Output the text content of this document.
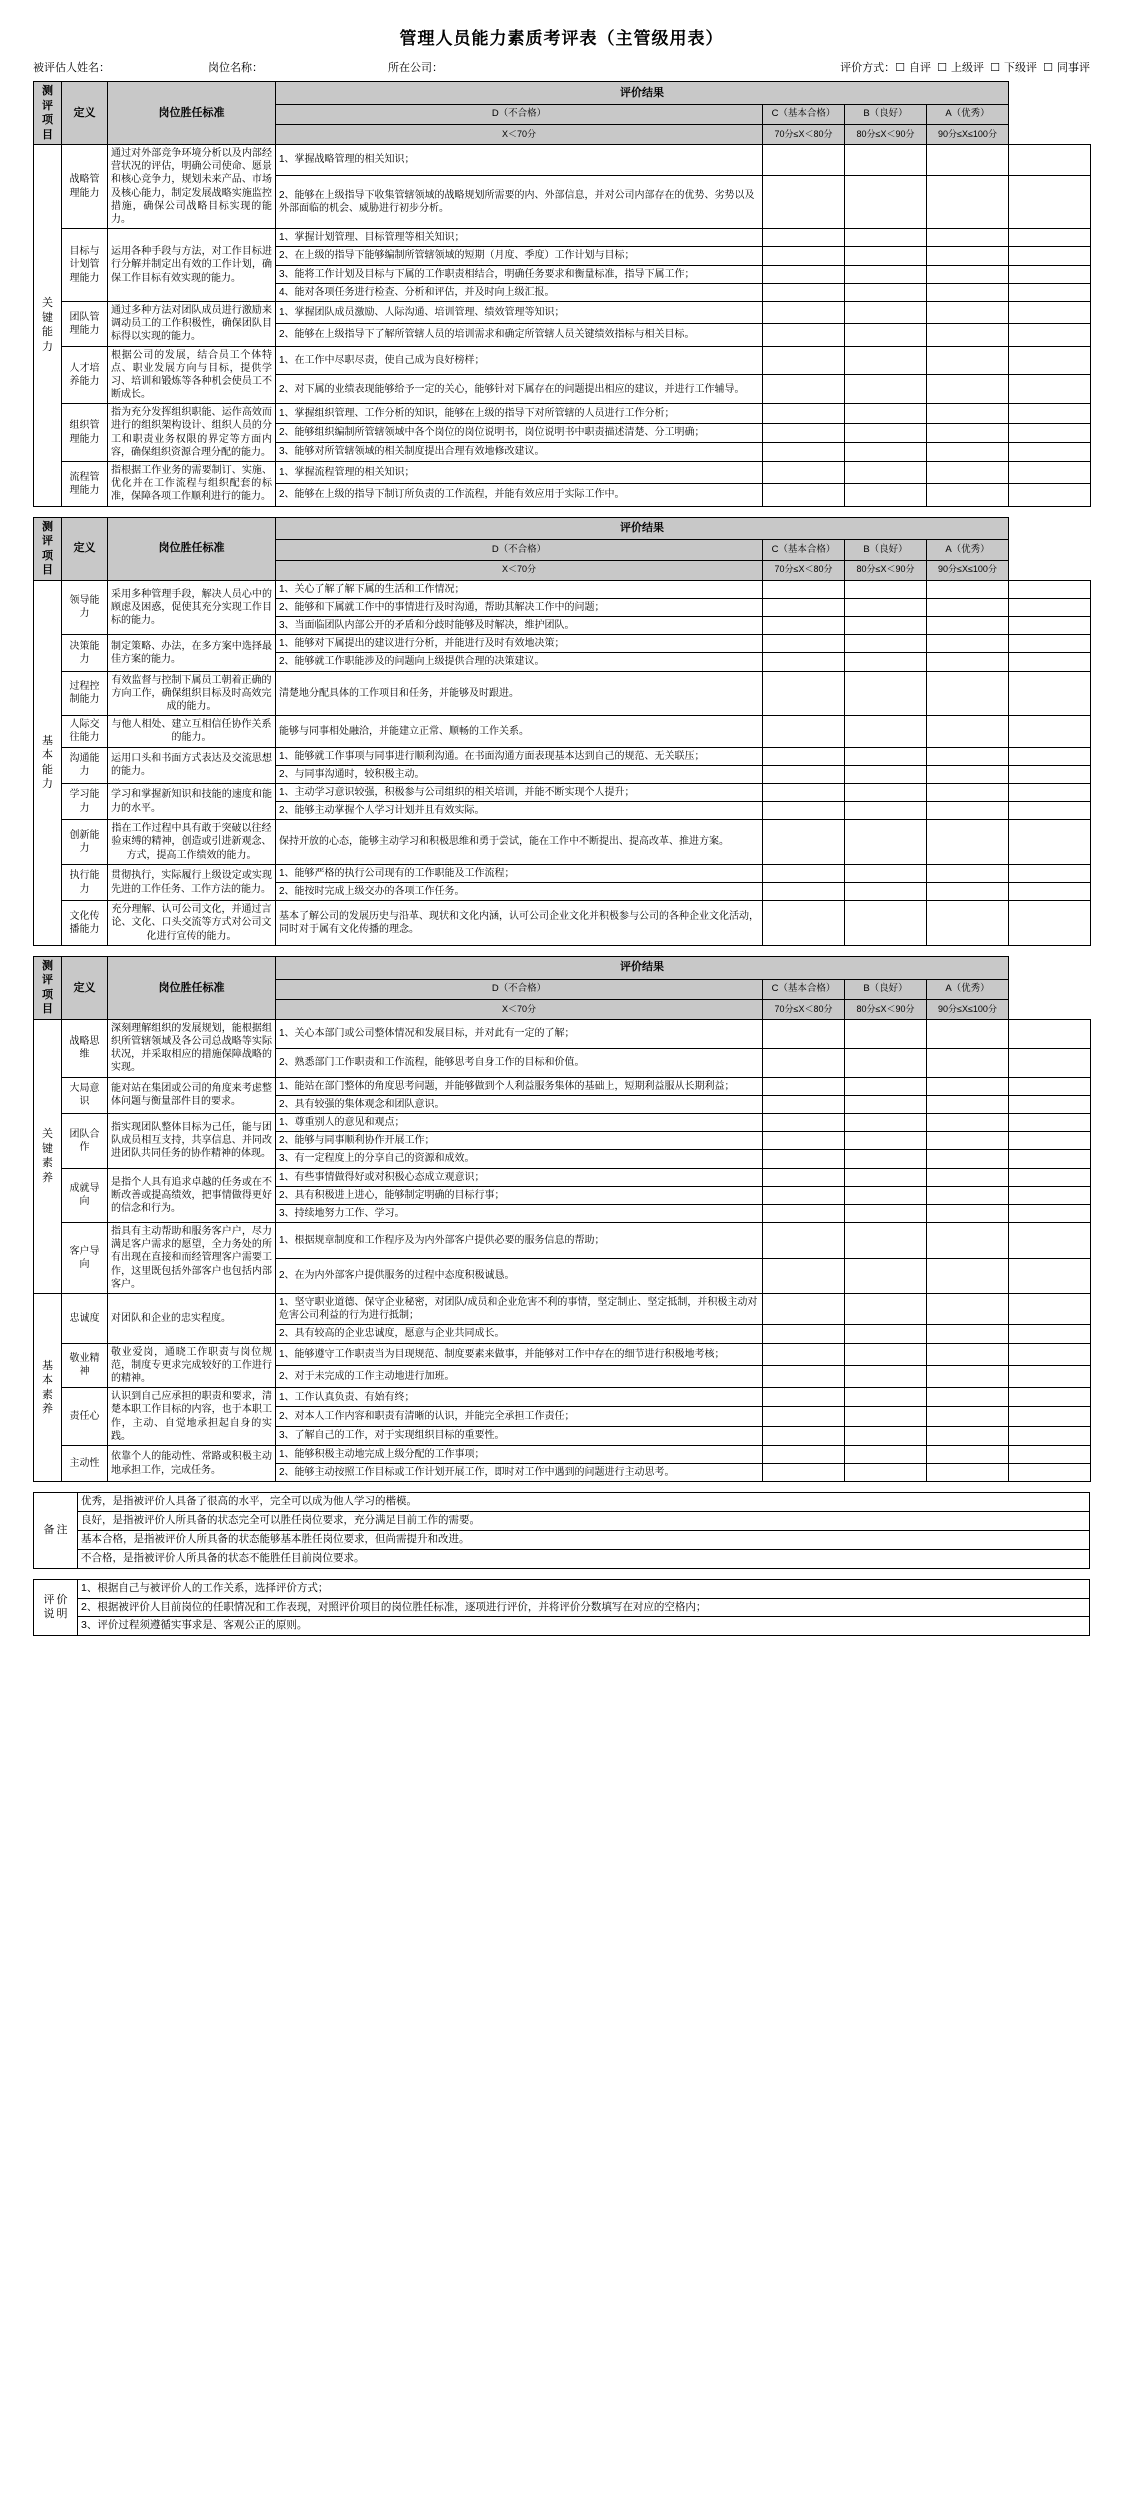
管理人员能力素质考评表（主管级用表）
被评估人姓名：	岗位名称：	所在公司：	评价方式：☐ 自评 ☐ 上级评 ☐ 下级评 ☐ 同事评
测评项目	定义	岗位胜任标准	评价结果				
			D（不合格）	C（基本合格）	B（良好）	A（优秀）	
			X＜70分	70分≤X＜80分	80分≤X＜90分	90分≤X≤100分	
关键能力	战略管理能力	通过对外部竞争环境分析以及内部经营状况的评估，明确公司使命、愿景和核心竞争力，规划未来产品、市场及核心能力，制定发展战略实施监控措施，确保公司战略目标实现的能力。	1、掌握战略管理的相关知识；				
			2、能够在上级指导下收集管辖领域的战略规划所需要的内、外部信息，并对公司内部存在的优势、劣势以及外部面临的机会、威胁进行初步分析。				
	目标与计划管理能力	运用各种手段与方法，对工作目标进行分解并制定出有效的工作计划，确保工作目标有效实现的能力。	1、掌握计划管理、目标管理等相关知识；				
			2、在上级的指导下能够编制所管辖领域的短期（月度、季度）工作计划与目标；				
			3、能将工作计划及目标与下属的工作职责相结合，明确任务要求和衡量标准，指导下属工作；				
			4、能对各项任务进行检查、分析和评估，并及时向上级汇报。				
	团队管理能力	通过多种方法对团队成员进行激励来调动员工的工作积极性，确保团队目标得以实现的能力。	1、掌握团队成员激励、人际沟通、培训管理、绩效管理等知识；				
			2、能够在上级指导下了解所管辖人员的培训需求和确定所管辖人员关键绩效指标与相关目标。				
	人才培养能力	根据公司的发展，结合员工个体特点、职业发展方向与目标，提供学习、培训和锻炼等各种机会使员工不断成长。	1、在工作中尽职尽责，使自己成为良好榜样；				
			2、对下属的业绩表现能够给予一定的关心，能够针对下属存在的问题提出相应的建议，并进行工作辅导。				
	组织管理能力	指为充分发挥组织职能、运作高效而进行的组织架构设计、组织人员的分工和职责业务权限的界定等方面内容，确保组织资源合理分配的能力。	1、掌握组织管理、工作分析的知识，能够在上级的指导下对所管辖的人员进行工作分析；				
			2、能够组织编制所管辖领域中各个岗位的岗位说明书，岗位说明书中职责描述清楚、分工明确；				
			3、能够对所管辖领域的相关制度提出合理有效地修改建议。				
	流程管理能力	指根据工作业务的需要制订、实施、优化并在工作流程与组织配套的标准，保障各项工作顺利进行的能力。	1、掌握流程管理的相关知识；				
			2、能够在上级的指导下制订所负责的工作流程，并能有效应用于实际工作中。				
测评项目	定义	岗位胜任标准	评价结果				
			D（不合格）	C（基本合格）	B（良好）	A（优秀）	
			X＜70分	70分≤X＜80分	80分≤X＜90分	90分≤X≤100分	
基本能力	领导能力	采用多种管理手段，解决人员心中的顾虑及困惑，促使其充分实现工作目标的能力。	1、关心了解了解下属的生活和工作情况；				
			2、能够和下属就工作中的事情进行及时沟通，帮助其解决工作中的问题；				
			3、当面临团队内部公开的矛盾和分歧时能够及时解决，维护团队。				
	决策能力	制定策略、办法，在多方案中选择最佳方案的能力。	1、能够对下属提出的建议进行分析，并能进行及时有效地决策；				
			2、能够就工作职能涉及的问题向上级提供合理的决策建议。				
	过程控制能力	有效监督与控制下属员工朝着正确的方向工作，确保组织目标及时高效完成的能力。	清楚地分配具体的工作项目和任务，并能够及时跟进。				
	人际交往能力	与他人相处、建立互相信任协作关系的能力。	能够与同事相处融洽，并能建立正常、顺畅的工作关系。				
	沟通能力	运用口头和书面方式表达及交流思想的能力。	1、能够就工作事项与同事进行顺利沟通。在书面沟通方面表现基本达到自己的规范、无关联压；				
			2、与同事沟通时，较积极主动。				
	学习能力	学习和掌握新知识和技能的速度和能力的水平。	1、主动学习意识较强，积极参与公司组织的相关培训，并能不断实现个人提升；				
			2、能够主动掌握个人学习计划并且有效实际。				
	创新能力	指在工作过程中具有敢于突破以往经验束缚的精神，创造或引进新观念、方式，提高工作绩效的能力。	保持开放的心态，能够主动学习和积极思维和勇于尝试，能在工作中不断提出、提高改革、推进方案。				
	执行能力	贯彻执行，实际履行上级设定或实现先进的工作任务、工作方法的能力。	1、能够严格的执行公司现有的工作职能及工作流程；				
			2、能按时完成上级交办的各项工作任务。				
	文化传播能力	充分理解、认可公司文化，并通过言论、文化、口头交流等方式对公司文化进行宣传的能力。	基本了解公司的发展历史与沿革、现状和文化内涵，认可公司企业文化并积极参与公司的各种企业文化活动，同时对于属有文化传播的理念。				
测评项目	定义	岗位胜任标准	评价结果				
			D（不合格）	C（基本合格）	B（良好）	A（优秀）	
			X＜70分	70分≤X＜80分	80分≤X＜90分	90分≤X≤100分	
关键素养	战略思维	深刻理解组织的发展规划，能根据组织所管辖领域及各公司总战略等实际状况，并采取相应的措施保障战略的实现。	1、关心本部门或公司整体情况和发展目标，并对此有一定的了解；				
			2、熟悉部门工作职责和工作流程，能够思考自身工作的目标和价值。				
	大局意识	能对站在集团或公司的角度来考虑整体问题与衡量部件目的要求。	1、能站在部门整体的角度思考问题，并能够做到个人利益服务集体的基础上，短期利益服从长期利益；				
			2、具有较强的集体观念和团队意识。				
	团队合作	指实现团队整体目标为己任，能与团队成员相互支持，共享信息、并同改进团队共同任务的协作精神的体现。	1、尊重别人的意见和观点；				
			2、能够与同事顺利协作开展工作；				
			3、有一定程度上的分享自己的资源和成效。				
	成就导向	是指个人具有追求卓越的任务或在不断改善或提高绩效，把事情做得更好的信念和行为。	1、有些事情做得好或对积极心态成立观意识；				
			2、具有积极进上进心，能够制定明确的目标行事；				
			3、持续地努力工作、学习。				
	客户导向	指具有主动帮助和服务客户户，尽力满足客户需求的愿望，全力务处的所有出现在直接和而经管理客户需要工作，这里既包括外部客户也包括内部客户。	1、根据规章制度和工作程序及为内外部客户提供必要的服务信息的帮助；				
			2、在为内外部客户提供服务的过程中态度积极诚恳。				
基本素养	忠诚度	对团队和企业的忠实程度。	1、坚守职业道德、保守企业秘密，对团队/成员和企业危害不利的事情，坚定制止、坚定抵制，并积极主动对危害公司利益的行为进行抵制；				
			2、具有较高的企业忠诚度，愿意与企业共同成长。				
	敬业精神	敬业爱岗，通晓工作职责与岗位规范，制度专更求完成较好的工作进行的精神。	1、能够遵守工作职责当为目现规范、制度要素来做事，并能够对工作中存在的细节进行积极地考核；				
			2、对于未完成的工作主动地进行加班。				
	责任心	认识到自己应承担的职责和要求，清楚本职工作目标的内容，也于本职工作，主动、自觉地承担起自身的实践。	1、工作认真负责、有始有终；				
			2、对本人工作内容和职责有清晰的认识，并能完全承担工作责任；				
			3、了解自己的工作，对于实现组织目标的重要性。				
	主动性	依靠个人的能动性、常路或积极主动地承担工作，完成任务。	1、能够积极主动地完成上级分配的工作事项；				
			2、能够主动按照工作目标或工作计划开展工作，即时对工作中遇到的问题进行主动思考。				
备 注	优秀，是指被评价人具备了很高的水平，完全可以成为他人学习的楷模。
良好，是指被评价人所具备的状态完全可以胜任岗位要求，充分满足目前工作的需要。
基本合格，是指被评价人所具备的状态能够基本胜任岗位要求，但尚需提升和改进。
不合格，是指被评价人所具备的状态不能胜任目前岗位要求。
评 价说 明	1、根据自己与被评价人的工作关系，选择评价方式；
2、根据被评价人目前岗位的任职情况和工作表现，对照评价项目的岗位胜任标准，逐项进行评价，并将评价分数填写在对应的空格内；
3、评价过程须遵循实事求是、客观公正的原则。
